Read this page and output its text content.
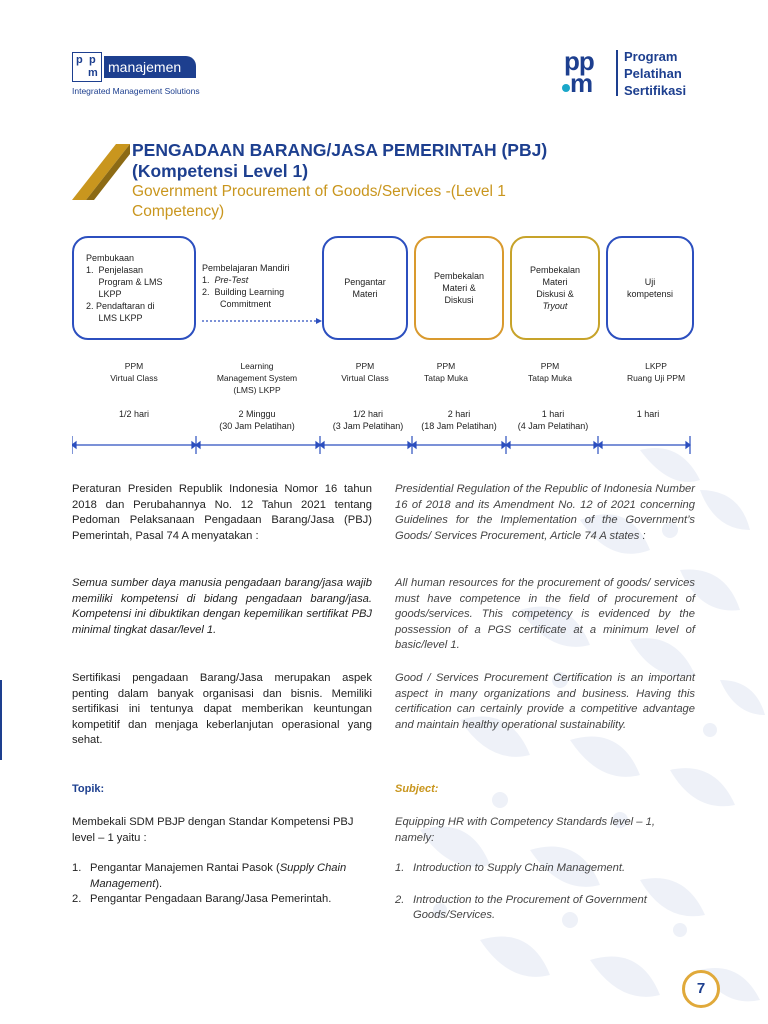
p p
m manajemen
Integrated Management Solutions
pp
m
Program
Pelatihan
Sertifikasi
PENGADAAN BARANG/JASA PEMERINTAH (PBJ)
(Kompetensi Level 1)
Government Procurement of Goods/Services -(Level 1
Competency)
Pembukaan
1.  Penjelasan
Program & LMS
LKPP
2. Pendaftaran di
LMS LKPP
Pembelajaran Mandiri
1. Pre-Test
2. Building Learning
Commitment
Pengantar
Materi
Pembekalan
Materi &
Diskusi
Pembekalan
Materi
Diskusi &
Tryout
Uji
kompetensi
PPM
Virtual Class
Learning
Management System
(LMS) LKPP
PPM
Virtual Class
PPM
Tatap Muka
PPM
Tatap Muka
LKPP
Ruang Uji PPM
1/2 hari	2 Minggu
(30 Jam Pelatihan)
1/2 hari
(3 Jam Pelatihan)
2 hari
(18 Jam Pelatihan)
1 hari
(4 Jam Pelatihan)
1 hari

Peraturan Presiden Republik Indonesia Nomor 16 tahun 2018 dan Perubahannya No. 12 Tahun 2021 tentang Pedoman Pelaksanaan Pengadaan Barang/Jasa (PBJ) Pemerintah, Pasal 74 A menyatakan :

Semua sumber daya manusia pengadaan barang/jasa wajib memiliki kompetensi di bidang pengadaan barang/jasa. Kompetensi ini dibuktikan dengan kepemilikan sertifikat PBJ minimal tingkat dasar/level 1.

Sertifikasi pengadaan Barang/Jasa merupakan aspek penting dalam banyak organisasi dan bisnis. Memiliki sertifikasi ini tentunya dapat memberikan keuntungan kompetitif dan menjaga keberlanjutan operasional yang sehat.

Topik:

Membekali SDM PBJP dengan Standar Kompetensi PBJ level – 1 yaitu :

1. Pengantar Manajemen Rantai Pasok (Supply Chain Management).
2. Pengantar Pengadaan Barang/Jasa Pemerintah.

Presidential Regulation of the Republic of Indonesia Number 16 of 2018 and its Amendment No. 12 of 2021 concerning Guidelines for the Implementation of the Government’s Goods/ Services Procurement, Article 74 A states :

All human resources for the procurement of goods/ services must have competence in the field of procurement of goods/services. This competency is evidenced by the possession of a PGS certificate at a minimum level of basic/level 1.

Good / Services Procurement Certification is an important aspect in many organizations and business. Having this certification can certainly provide a competitive advantage and maintain healthy operational sustainability.

Subject:

Equipping HR with Competency Standards level – 1, namely:

1. Introduction to Supply Chain Management.
2. Introduction to the Procurement of Government Goods/Services.
7
